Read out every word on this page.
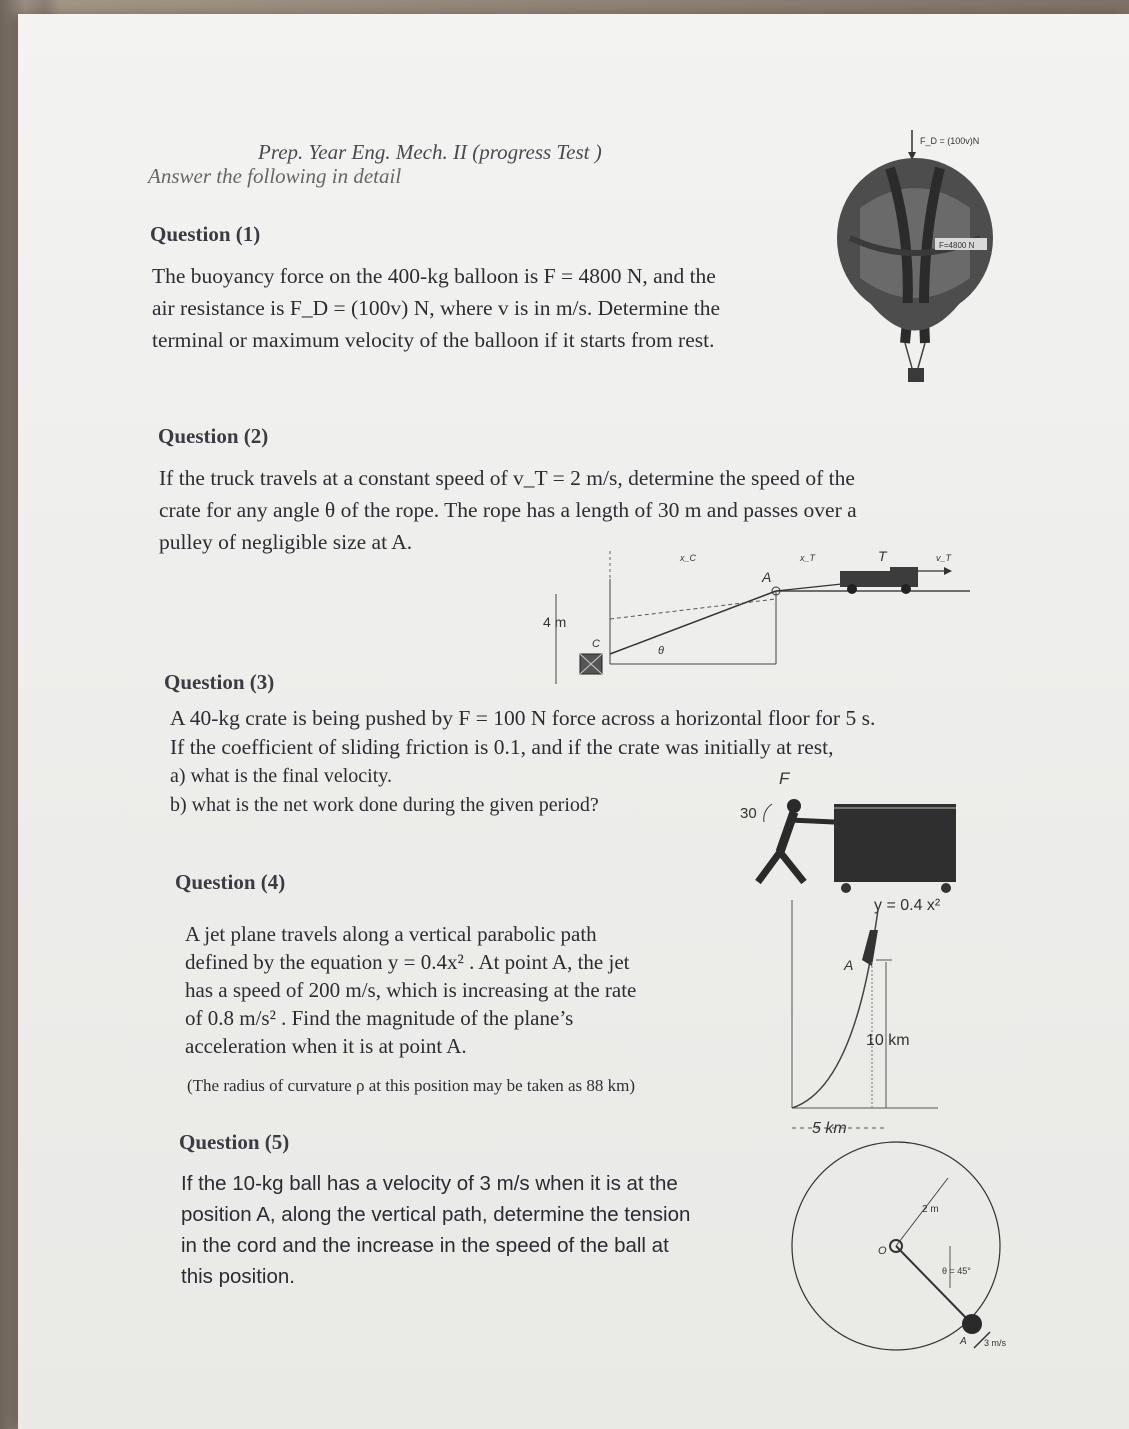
Prep. Year Eng. Mech. II (progress Test )
Answer the following in detail
Question (1)
The buoyancy force on the 400-kg balloon is F = 4800 N, and the
air resistance is F_D = (100v) N, where v is in m/s. Determine the
terminal or maximum velocity of the balloon if it starts from rest.
F_D = (100v)N
F=4800 N
Question (2)
If the truck travels at a constant speed of v_T = 2 m/s, determine the speed of the
crate for any angle θ of the rope. The rope has a length of 30 m and passes over a
pulley of negligible size at A.
4 m
A
C
θ
x_C	x_T	T	v_T
Question (3)
A 40-kg crate is being pushed by F = 100 N force across a horizontal floor for 5 s.
If the coefficient of sliding friction is 0.1, and if the crate was initially at rest,
a) what is the final velocity.
b) what is the net work done during the given period?
F
30
Question (4)
A jet plane travels along a vertical parabolic path
defined by the equation y = 0.4x² . At point A, the jet
has a speed of 200 m/s, which is increasing at the rate
of 0.8 m/s² . Find the magnitude of the plane’s
acceleration when it is at point A.
(The radius of curvature ρ at this position may be taken as 88 km)
y = 0.4 x²
A
10 km
5 km
Question (5)
If the 10-kg ball has a velocity of 3 m/s when it is at the
position A, along the vertical path, determine the tension
in the cord and the increase in the speed of the ball at
this position.
2 m
O
θ = 45°
A 3 m/s
